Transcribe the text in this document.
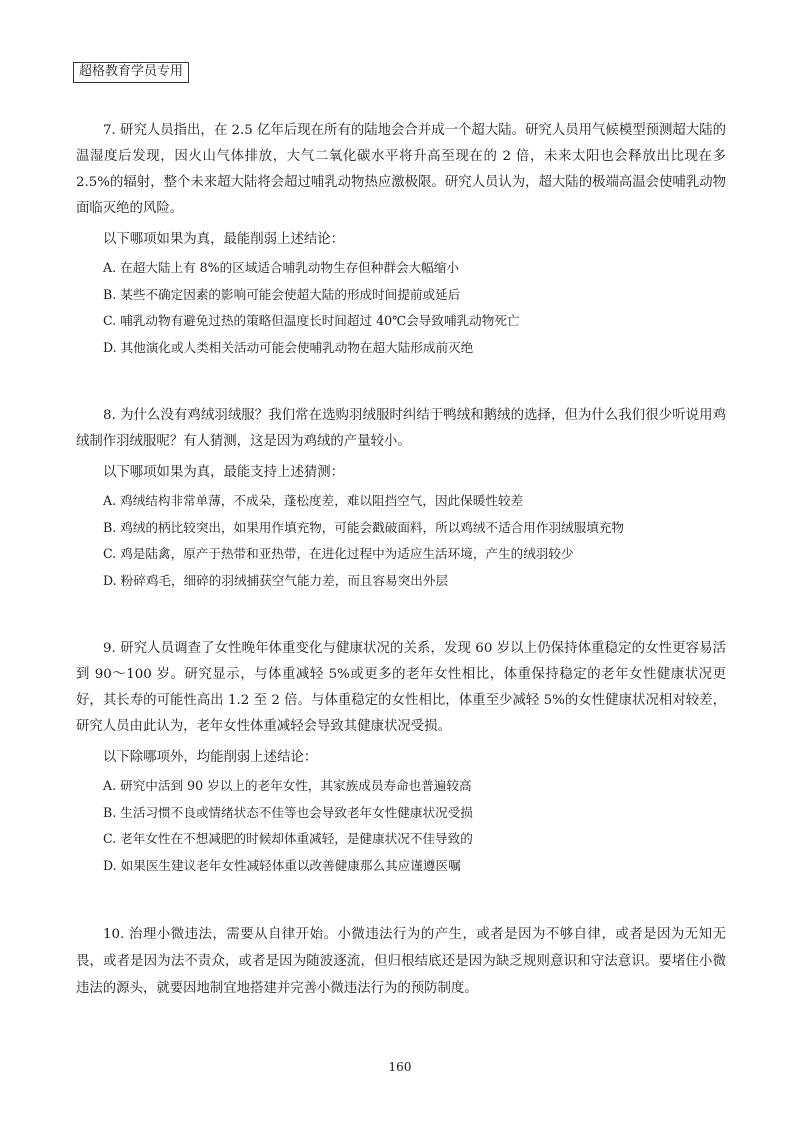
超格教育学员专用

7. 研究人员指出，在 2.5 亿年后现在所有的陆地会合并成一个超大陆。研究人员用气候模型预测超大陆的温湿度后发现，因火山气体排放，大气二氧化碳水平将升高至现在的 2 倍，未来太阳也会释放出比现在多 2.5%的辐射，整个未来超大陆将会超过哺乳动物热应激极限。研究人员认为，超大陆的极端高温会使哺乳动物面临灭绝的风险。

以下哪项如果为真，最能削弱上述结论：

A. 在超大陆上有 8%的区域适合哺乳动物生存但种群会大幅缩小
B. 某些不确定因素的影响可能会使超大陆的形成时间提前或延后
C. 哺乳动物有避免过热的策略但温度长时间超过 40℃会导致哺乳动物死亡
D. 其他演化或人类相关活动可能会使哺乳动物在超大陆形成前灭绝

8. 为什么没有鸡绒羽绒服？我们常在选购羽绒服时纠结于鸭绒和鹅绒的选择，但为什么我们很少听说用鸡绒制作羽绒服呢？有人猜测，这是因为鸡绒的产量较小。

以下哪项如果为真，最能支持上述猜测：

A. 鸡绒结构非常单薄，不成朵，蓬松度差，难以阻挡空气，因此保暖性较差
B. 鸡绒的柄比较突出，如果用作填充物，可能会戳破面料，所以鸡绒不适合用作羽绒服填充物
C. 鸡是陆禽，原产于热带和亚热带，在进化过程中为适应生活环境，产生的绒羽较少
D. 粉碎鸡毛，细碎的羽绒捕获空气能力差，而且容易突出外层

9. 研究人员调查了女性晚年体重变化与健康状况的关系，发现 60 岁以上仍保持体重稳定的女性更容易活到 90～100 岁。研究显示，与体重减轻 5%或更多的老年女性相比，体重保持稳定的老年女性健康状况更好，其长寿的可能性高出 1.2 至 2 倍。与体重稳定的女性相比，体重至少减轻 5%的女性健康状况相对较差，研究人员由此认为，老年女性体重减轻会导致其健康状况受损。

以下除哪项外，均能削弱上述结论：

A. 研究中活到 90 岁以上的老年女性，其家族成员寿命也普遍较高
B. 生活习惯不良或情绪状态不佳等也会导致老年女性健康状况受损
C. 老年女性在不想减肥的时候却体重减轻，是健康状况不佳导致的
D. 如果医生建议老年女性减轻体重以改善健康那么其应谨遵医嘱

10. 治理小微违法，需要从自律开始。小微违法行为的产生，或者是因为不够自律，或者是因为无知无畏，或者是因为法不责众，或者是因为随波逐流，但归根结底还是因为缺乏规则意识和守法意识。要堵住小微违法的源头，就要因地制宜地搭建并完善小微违法行为的预防制度。

160
